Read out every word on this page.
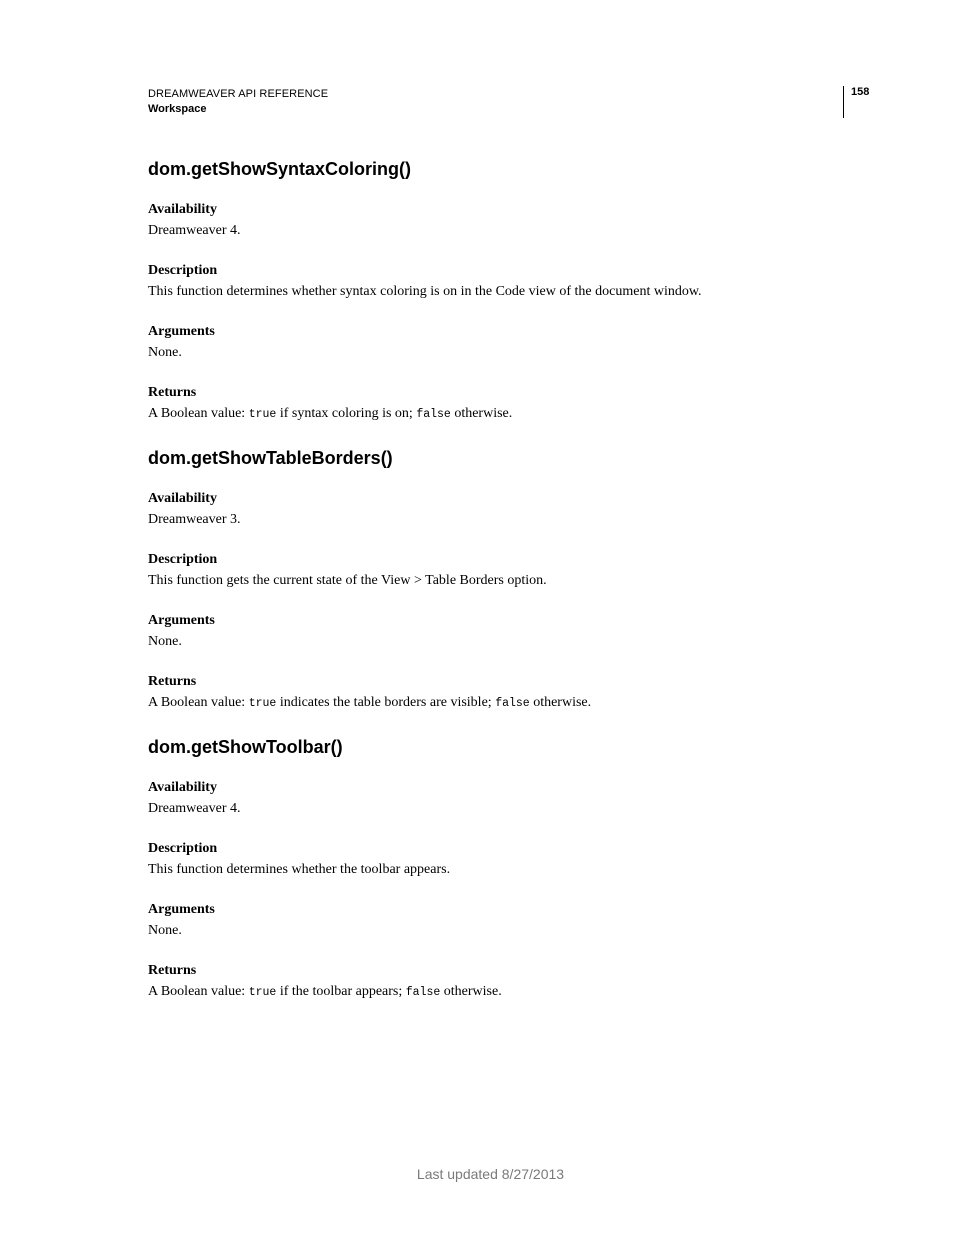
DREAMWEAVER API REFERENCE
Workspace
158
dom.getShowSyntaxColoring()
Availability
Dreamweaver 4.
Description
This function determines whether syntax coloring is on in the Code view of the document window.
Arguments
None.
Returns
A Boolean value: true if syntax coloring is on; false otherwise.
dom.getShowTableBorders()
Availability
Dreamweaver 3.
Description
This function gets the current state of the View > Table Borders option.
Arguments
None.
Returns
A Boolean value: true indicates the table borders are visible; false otherwise.
dom.getShowToolbar()
Availability
Dreamweaver 4.
Description
This function determines whether the toolbar appears.
Arguments
None.
Returns
A Boolean value: true if the toolbar appears; false otherwise.
Last updated 8/27/2013
